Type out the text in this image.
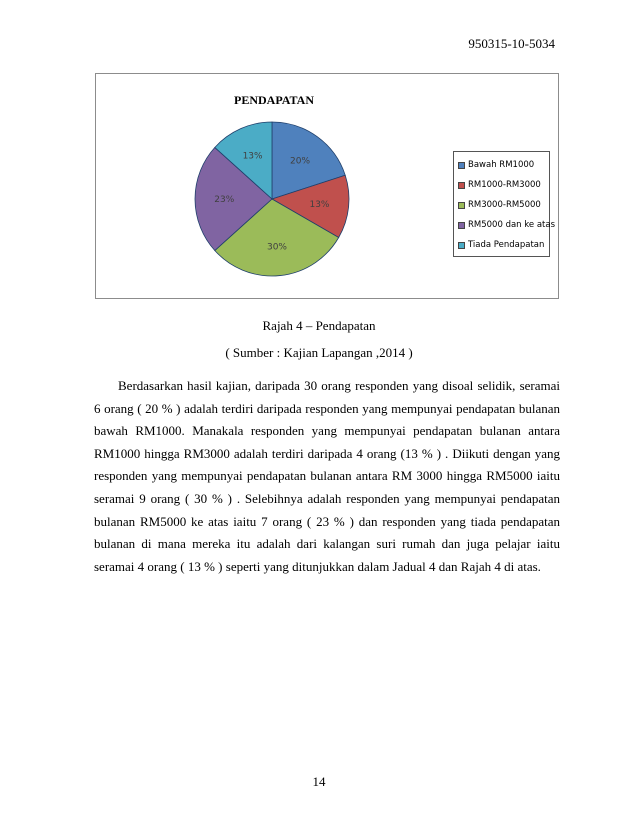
950315-10-5034
PENDAPATAN
20%
13%
30%
23%
13%
Bawah RM1000
RM1000-RM3000
RM3000-RM5000
RM5000 dan ke atas
Tiada Pendapatan
Rajah 4 – Pendapatan
( Sumber : Kajian Lapangan ,2014 )

Berdasarkan hasil kajian, daripada 30 orang responden yang disoal selidik, seramai 6 orang ( 20 % ) adalah terdiri daripada responden yang mempunyai pendapatan bulanan bawah RM1000. Manakala responden yang mempunyai pendapatan bulanan antara RM1000 hingga RM3000 adalah terdiri daripada 4 orang (13 % ) . Diikuti dengan yang responden yang mempunyai pendapatan bulanan antara RM 3000 hingga RM5000 iaitu seramai 9 orang ( 30 % ) . Selebihnya adalah responden yang mempunyai pendapatan bulanan RM5000 ke atas iaitu 7 orang ( 23 % ) dan responden yang tiada pendapatan bulanan di mana mereka itu adalah dari kalangan suri rumah dan juga pelajar iaitu seramai 4 orang ( 13 % ) seperti yang ditunjukkan dalam Jadual 4 dan Rajah 4 di atas.

14
